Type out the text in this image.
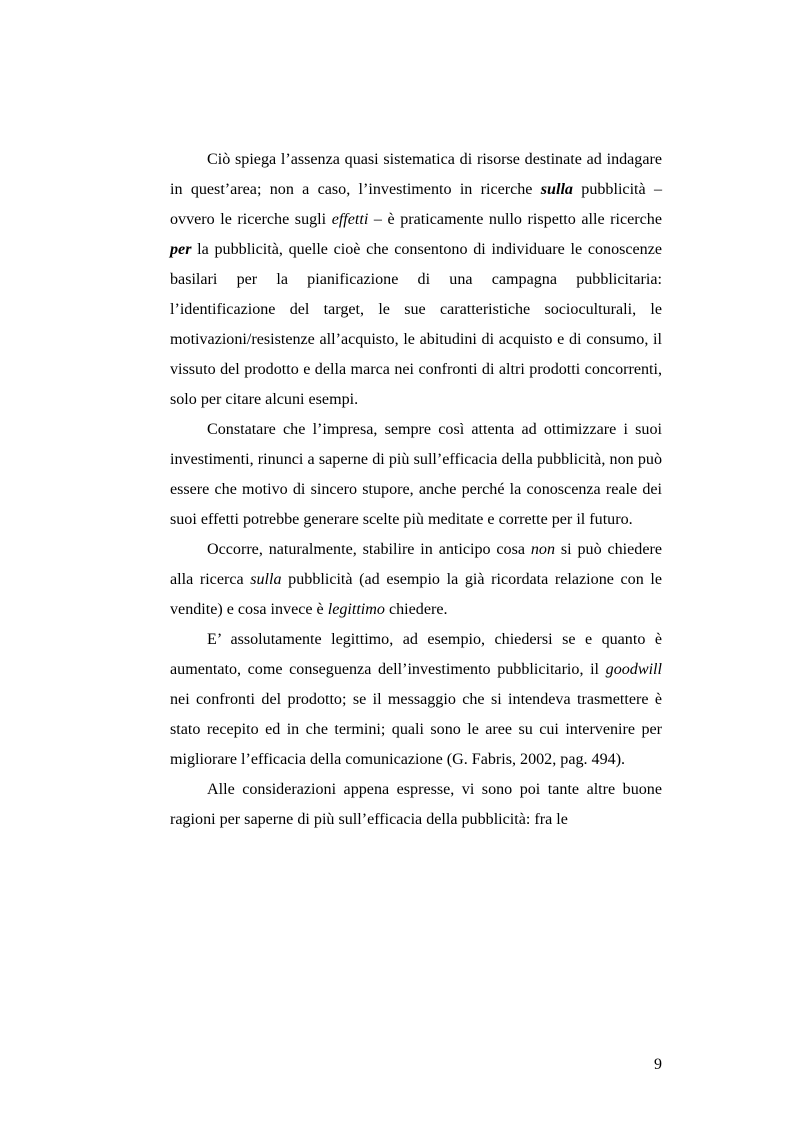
Ciò spiega l’assenza quasi sistematica di risorse destinate ad indagare in quest’area; non a caso, l’investimento in ricerche sulla pubblicità – ovvero le ricerche sugli effetti – è praticamente nullo rispetto alle ricerche per la pubblicità, quelle cioè che consentono di individuare le conoscenze basilari per la pianificazione di una campagna pubblicitaria: l’identificazione del target, le sue caratteristiche socioculturali, le motivazioni/resistenze all’acquisto, le abitudini di acquisto e di consumo, il vissuto del prodotto e della marca nei confronti di altri prodotti concorrenti, solo per citare alcuni esempi.

Constatare che l’impresa, sempre così attenta ad ottimizzare i suoi investimenti, rinunci a saperne di più sull’efficacia della pubblicità, non può essere che motivo di sincero stupore, anche perché la conoscenza reale dei suoi effetti potrebbe generare scelte più meditate e corrette per il futuro.

Occorre, naturalmente, stabilire in anticipo cosa non si può chiedere alla ricerca sulla pubblicità (ad esempio la già ricordata relazione con le vendite) e cosa invece è legittimo chiedere.

E’ assolutamente legittimo, ad esempio, chiedersi se e quanto è aumentato, come conseguenza dell’investimento pubblicitario, il goodwill nei confronti del prodotto; se il messaggio che si intendeva trasmettere è stato recepito ed in che termini; quali sono le aree su cui intervenire per migliorare l’efficacia della comunicazione (G. Fabris, 2002, pag. 494).

Alle considerazioni appena espresse, vi sono poi tante altre buone ragioni per saperne di più sull’efficacia della pubblicità: fra le

9
